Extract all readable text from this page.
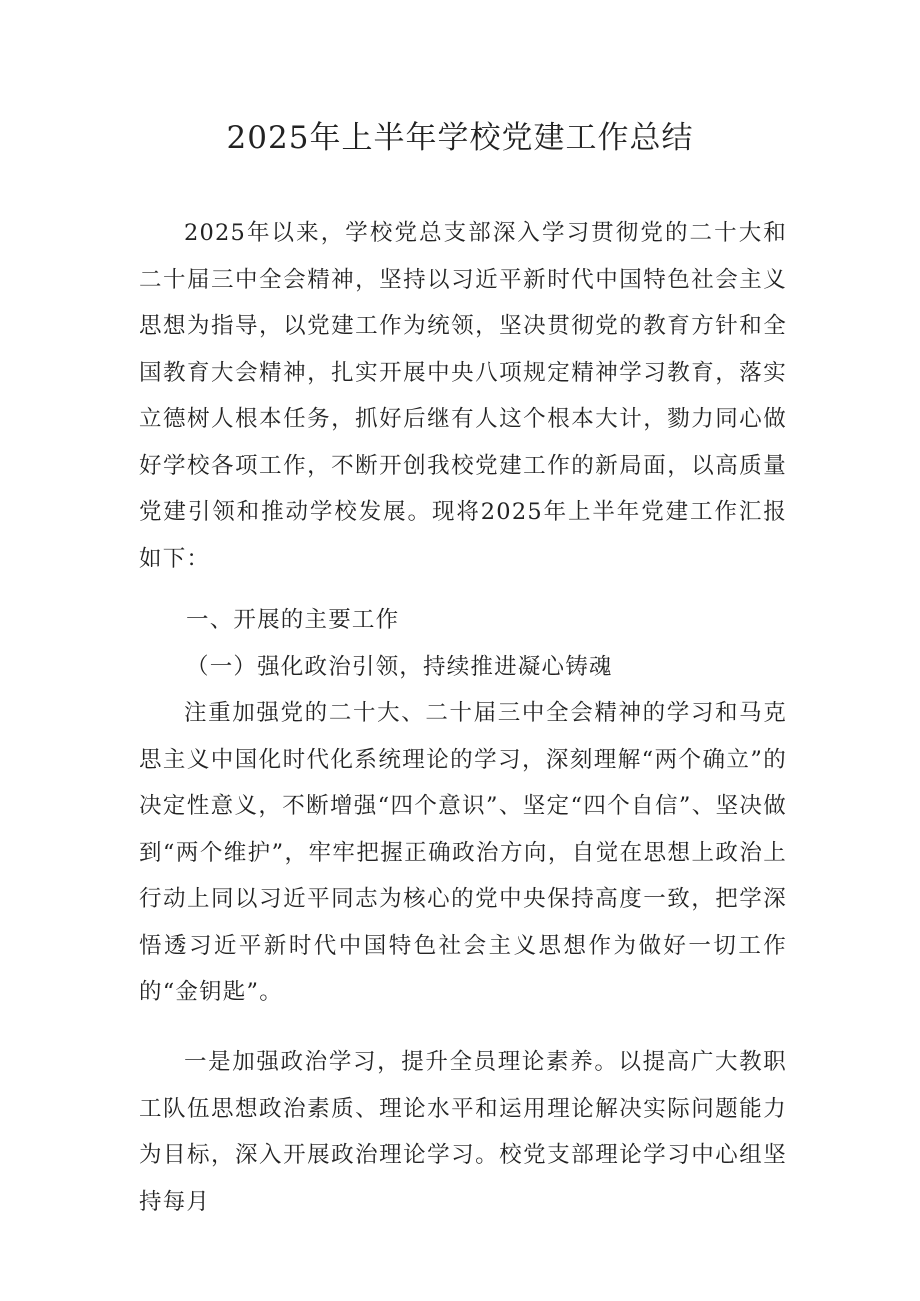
2025年上半年学校党建工作总结

2025年以来，学校党总支部深入学习贯彻党的二十大和二十届三中全会精神，坚持以习近平新时代中国特色社会主义思想为指导，以党建工作为统领，坚决贯彻党的教育方针和全国教育大会精神，扎实开展中央八项规定精神学习教育，落实立德树人根本任务，抓好后继有人这个根本大计，勠力同心做好学校各项工作，不断开创我校党建工作的新局面，以高质量党建引领和推动学校发展。现将2025年上半年党建工作汇报如下：

一、开展的主要工作
（一）强化政治引领，持续推进凝心铸魂

注重加强党的二十大、二十届三中全会精神的学习和马克思主义中国化时代化系统理论的学习，深刻理解“两个确立”的决定性意义，不断增强“四个意识”、坚定“四个自信”、坚决做到“两个维护”，牢牢把握正确政治方向，自觉在思想上政治上行动上同以习近平同志为核心的党中央保持高度一致，把学深悟透习近平新时代中国特色社会主义思想作为做好一切工作的“金钥匙”。

一是加强政治学习，提升全员理论素养。以提高广大教职工队伍思想政治素质、理论水平和运用理论解决实际问题能力为目标，深入开展政治理论学习。校党支部理论学习中心组坚持每月
